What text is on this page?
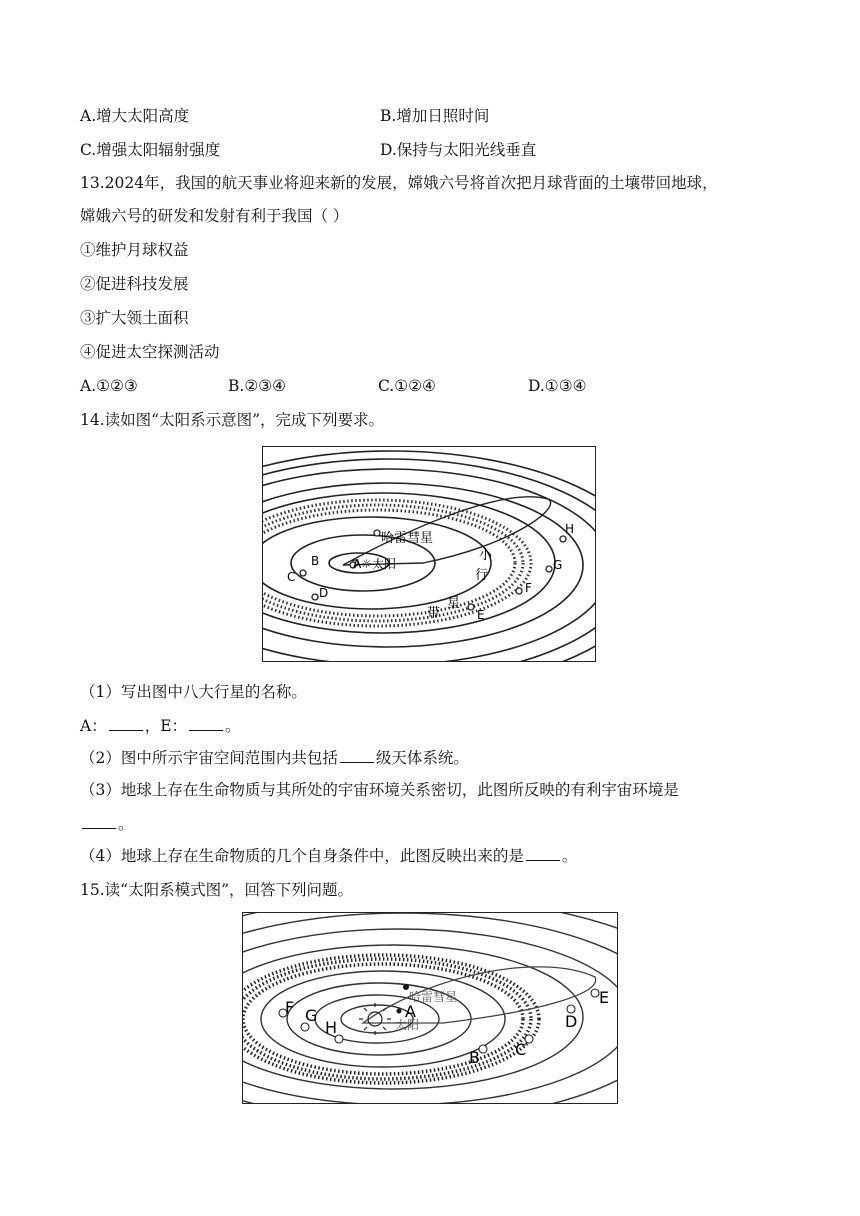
A.增大太阳高度	B.增加日照时间
C.增强太阳辐射强度	D.保持与太阳光线垂直
13.2024年，我国的航天事业将迎来新的发展，嫦娥六号将首次把月球背面的土壤带回地球，
嫦娥六号的研发和发射有利于我国（ ）
①维护月球权益
②促进科技发展
③扩大领土面积
④促进太空探测活动
A.①②③	B.②③④	C.①②④	D.①③④
14.读如图“太阳系示意图”，完成下列要求。
A☼太阳
哈雷彗星
B
C
D
E
F
G
H
小
行
星
带
（1）写出图中八大行星的名称。
A： ，E： 。
（2）图中所示宇宙空间范围内共包括 级天体系统。
（3）地球上存在生命物质与其所处的宇宙环境关系密切，此图所反映的有利宇宙环境是
。
（4）地球上存在生命物质的几个自身条件中，此图反映出来的是 。
15.读“太阳系模式图”，回答下列问题。
哈雷彗星
A
太阳
B C
D
E
F G
H
